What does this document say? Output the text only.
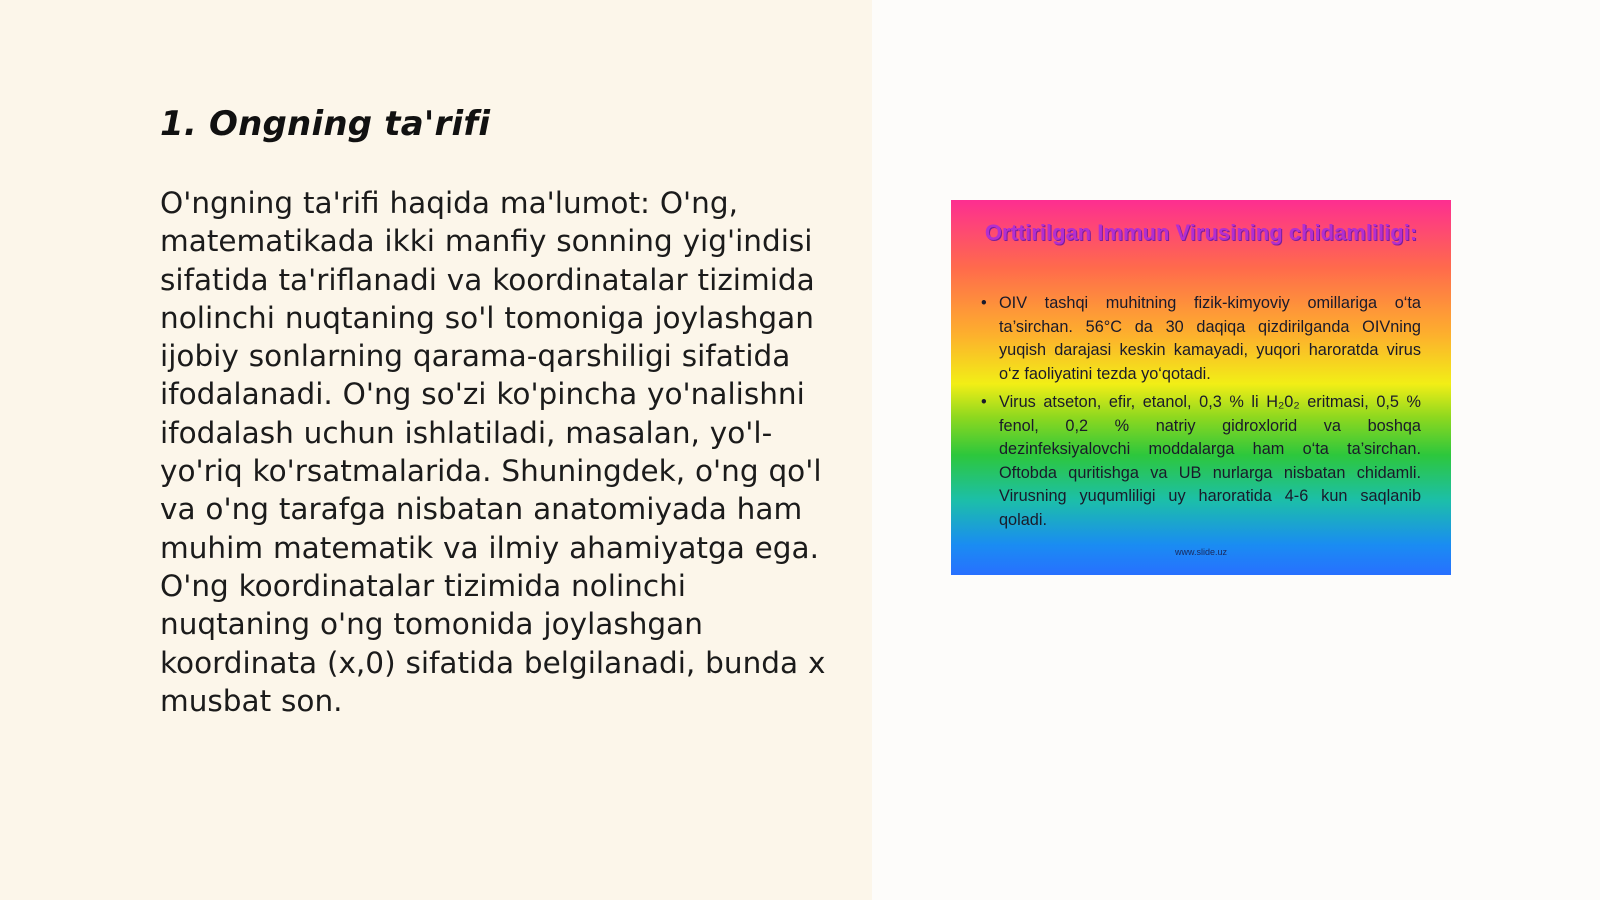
1. Ongning ta'rifi

O'ngning ta'rifi haqida ma'lumot: O'ng, matematikada ikki manfiy sonning yig'indisi sifatida ta'riflanadi va koordinatalar tizimida nolinchi nuqtaning so'l tomoniga joylashgan ijobiy sonlarning qarama-qarshiligi sifatida ifodalanadi. O'ng so'zi ko'pincha yo'nalishni ifodalash uchun ishlatiladi, masalan, yo'l-yo'riq ko'rsatmalarida. Shuningdek, o'ng qo'l va o'ng tarafga nisbatan anatomiyada ham muhim matematik va ilmiy ahamiyatga ega. O'ng koordinatalar tizimida nolinchi nuqtaning o'ng tomonida joylashgan koordinata (x,0) sifatida belgilanadi, bunda x musbat son.

Orttirilgan Immun Virusining chidamliligi:
• OIV tashqi muhitning fizik-kimyoviy omillariga o‘ta ta’sirchan. 56°C da 30 daqiqa qizdirilganda OIVning yuqish darajasi keskin kamayadi, yuqori haroratda virus o‘z faoliyatini tezda yo‘qotadi.
• Virus atseton, efir, etanol, 0,3 % li H₂0₂ eritmasi, 0,5 % fenol, 0,2 % natriy gidroxlorid va boshqa dezinfeksiyalovchi moddalarga ham o‘ta ta’sirchan. Oftobda quritishga va UB nurlarga nisbatan chidamli. Virusning yuqumliligi uy haroratida 4-6 kun saqlanib qoladi.
www.slide.uz
